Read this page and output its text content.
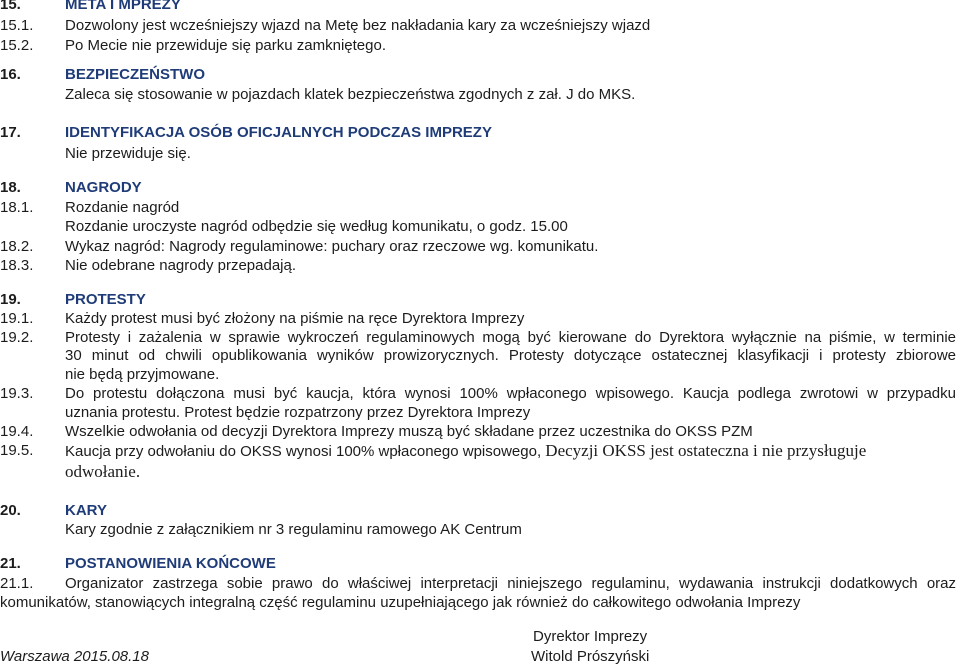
15.	META I MPREZY
15.1. Dozwolony jest wcześniejszy wjazd na Metę bez nakładania kary za wcześniejszy wjazd
15.2. Po Mecie nie przewiduje się parku zamkniętego.
16.	BEZPIECZEŃSTWO
Zaleca się stosowanie w pojazdach klatek bezpieczeństwa zgodnych z zał. J do MKS.
17.	IDENTYFIKACJA OSÓB OFICJALNYCH PODCZAS IMPREZY
Nie przewiduje się.
18.	NAGRODY
18.1. Rozdanie nagród
Rozdanie uroczyste nagród odbędzie się według komunikatu, o godz. 15.00
18.2. Wykaz nagród: Nagrody regulaminowe: puchary oraz rzeczowe wg. komunikatu.
18.3. Nie odebrane nagrody przepadają.
19.	PROTESTY
19.1. Każdy protest musi być złożony na piśmie na ręce Dyrektora Imprezy
19.2. Protesty i zażalenia w sprawie wykroczeń regulaminowych mogą być kierowane do Dyrektora wyłącznie na piśmie, w terminie
30 minut od chwili opublikowania wyników prowizorycznych. Protesty dotyczące ostatecznej klasyfikacji i protesty zbiorowe
nie będą przyjmowane.
19.3. Do protestu dołączona musi być kaucja, która wynosi 100% wpłaconego wpisowego. Kaucja podlega zwrotowi w przypadku
uznania protestu. Protest będzie rozpatrzony przez Dyrektora Imprezy
19.4. Wszelkie odwołania od decyzji Dyrektora Imprezy muszą być składane przez uczestnika do OKSS PZM
19.5. Kaucja przy odwołaniu do OKSS wynosi 100% wpłaconego wpisowego, Decyzji OKSS jest ostateczna i nie przysługuje
odwołanie.
20.	KARY
Kary zgodnie z załącznikiem nr 3 regulaminu ramowego AK Centrum
21.	POSTANOWIENIA KOŃCOWE
21.1. Organizator zastrzega sobie prawo do właściwej interpretacji niniejszego regulaminu, wydawania instrukcji dodatkowych oraz
komunikatów, stanowiących integralną część regulaminu uzupełniającego jak również do całkowitego odwołania Imprezy
Dyrektor Imprezy
Warszawa 2015.08.18	Witold Prószyński
